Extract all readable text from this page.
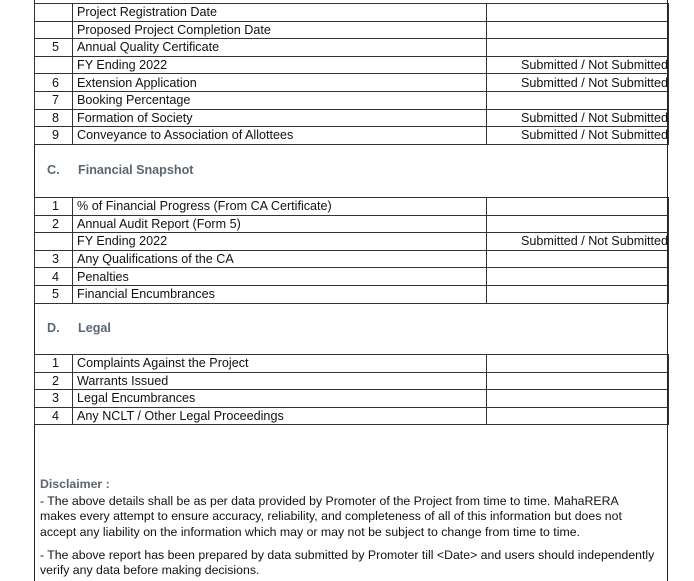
	Project Registration Date	
	Proposed Project Completion Date	
5	Annual Quality Certificate	
	FY Ending 2022	Submitted / Not Submitted
6	Extension Application	Submitted / Not Submitted
7	Booking Percentage	
8	Formation of Society	Submitted / Not Submitted
9	Conveyance to Association of Allottees	Submitted / Not Submitted
C. Financial Snapshot
1	% of Financial Progress (From CA Certificate)	
2	Annual Audit Report (Form 5)	
	FY Ending 2022	Submitted / Not Submitted
3	Any Qualifications of the CA	
4	Penalties	
5	Financial Encumbrances	
D. Legal
1	Complaints Against the Project	
2	Warrants Issued	
3	Legal Encumbrances	
4	Any NCLT / Other Legal Proceedings	
Disclaimer :
- The above details shall be as per data provided by Promoter of the Project from time to time. MahaRERA makes every attempt to ensure accuracy, reliability, and completeness of all of this information but does not accept any liability on the information which may or may not be subject to change from time to time.
- The above report has been prepared by data submitted by Promoter till <Date> and users should independently verify any data before making decisions.
